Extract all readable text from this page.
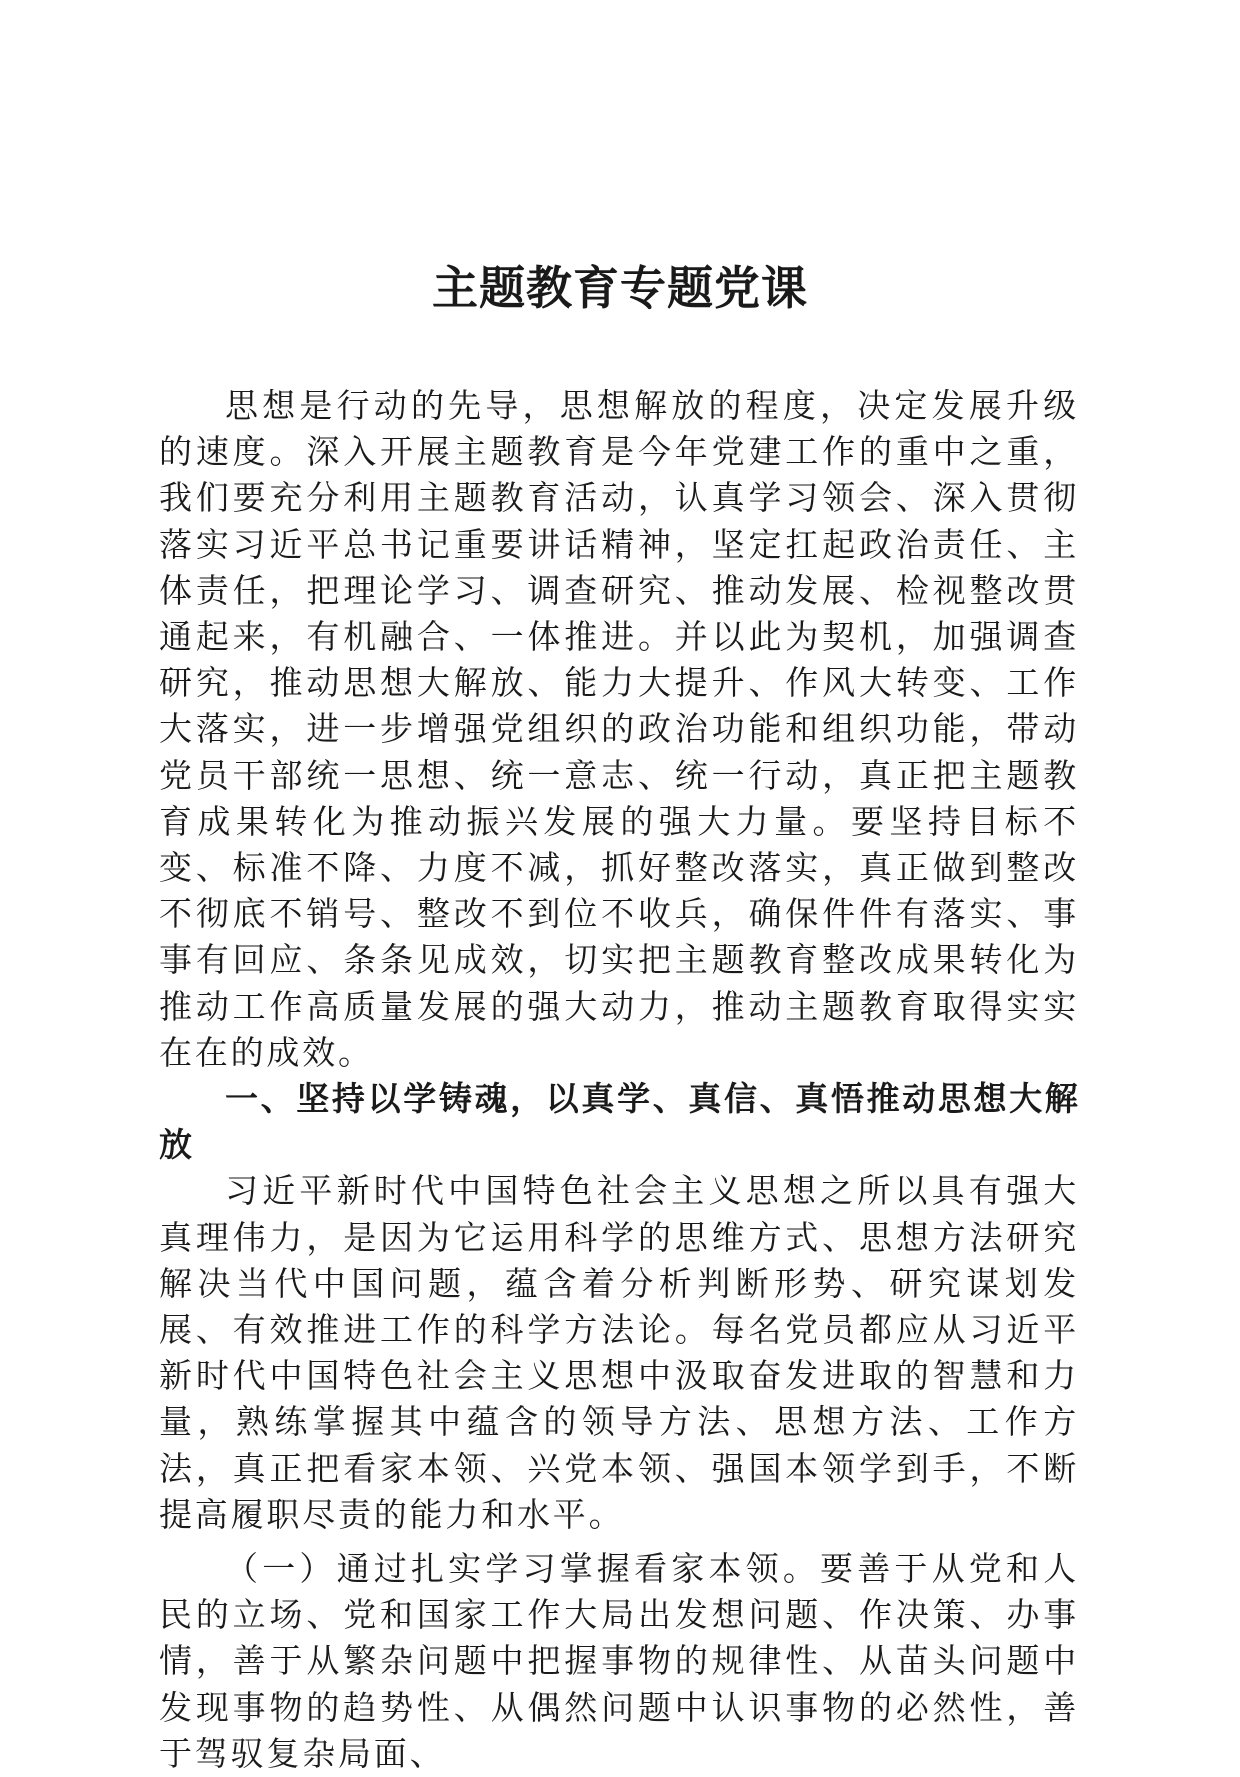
主题教育专题党课

思想是行动的先导，思想解放的程度，决定发展升级的速度。深入开展主题教育是今年党建工作的重中之重，我们要充分利用主题教育活动，认真学习领会、深入贯彻落实习近平总书记重要讲话精神，坚定扛起政治责任、主体责任，把理论学习、调查研究、推动发展、检视整改贯通起来，有机融合、一体推进。并以此为契机，加强调查研究，推动思想大解放、能力大提升、作风大转变、工作大落实，进一步增强党组织的政治功能和组织功能，带动党员干部统一思想、统一意志、统一行动，真正把主题教育成果转化为推动振兴发展的强大力量。要坚持目标不变、标准不降、力度不减，抓好整改落实，真正做到整改不彻底不销号、整改不到位不收兵，确保件件有落实、事事有回应、条条见成效，切实把主题教育整改成果转化为推动工作高质量发展的强大动力，推动主题教育取得实实在在的成效。

一、坚持以学铸魂，以真学、真信、真悟推动思想大解放

习近平新时代中国特色社会主义思想之所以具有强大真理伟力，是因为它运用科学的思维方式、思想方法研究解决当代中国问题，蕴含着分析判断形势、研究谋划发展、有效推进工作的科学方法论。每名党员都应从习近平新时代中国特色社会主义思想中汲取奋发进取的智慧和力量，熟练掌握其中蕴含的领导方法、思想方法、工作方法，真正把看家本领、兴党本领、强国本领学到手，不断提高履职尽责的能力和水平。

（一）通过扎实学习掌握看家本领。要善于从党和人民的立场、党和国家工作大局出发想问题、作决策、办事情，善于从繁杂问题中把握事物的规律性、从苗头问题中发现事物的趋势性、从偶然问题中认识事物的必然性，善于驾驭复杂局面、
